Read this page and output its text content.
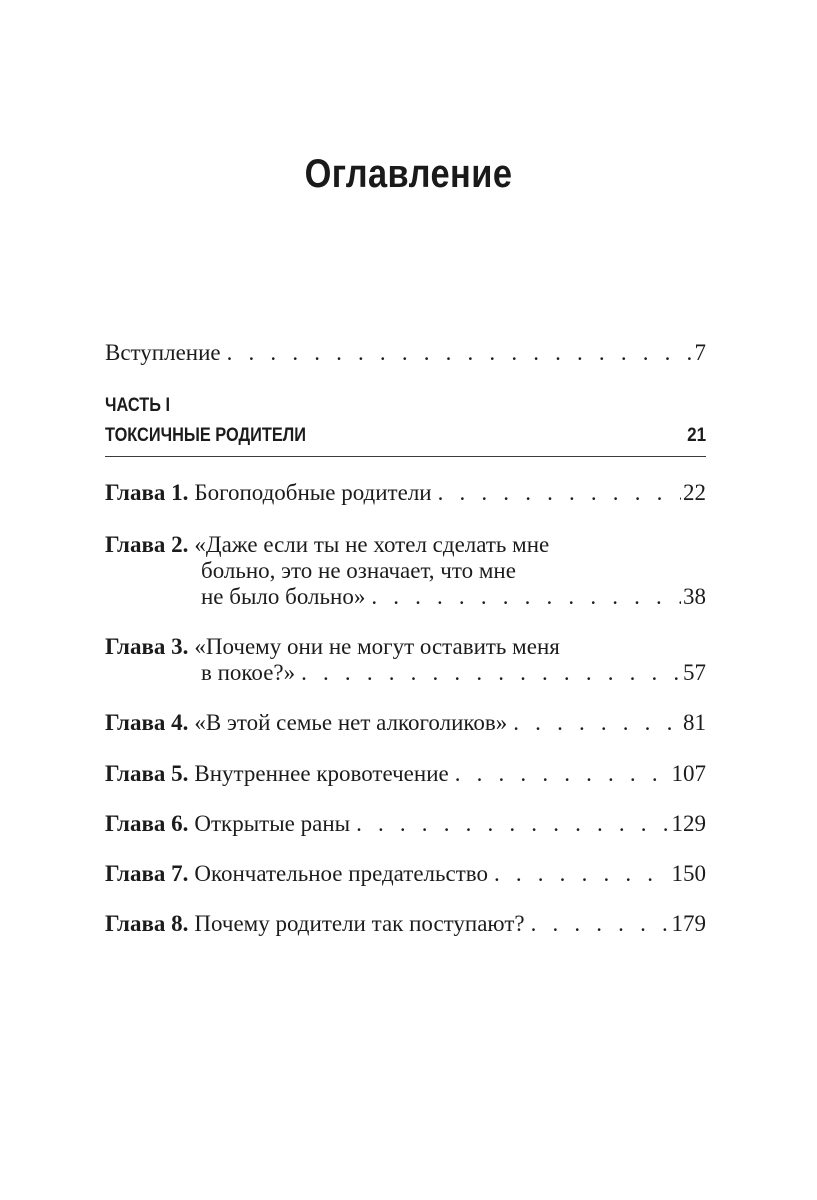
Оглавление
Вступление . . .	7
ЧАСТЬ I
ТОКСИЧНЫЕ РОДИТЕЛИ	21
Глава 1. Богоподобные родители . . .	22
Глава 2. «Даже если ты не хотел сделать мне
больно, это не означает, что мне
не было больно» . . .	38
Глава 3. «Почему они не могут оставить меня
в покое?» . . .	57
Глава 4. «В этой семье нет алкоголиков» . . .	81
Глава 5. Внутреннее кровотечение . . .	107
Глава 6. Открытые раны . . .	129
Глава 7. Окончательное предательство . . .	150
Глава 8. Почему родители так поступают? . . .	179
